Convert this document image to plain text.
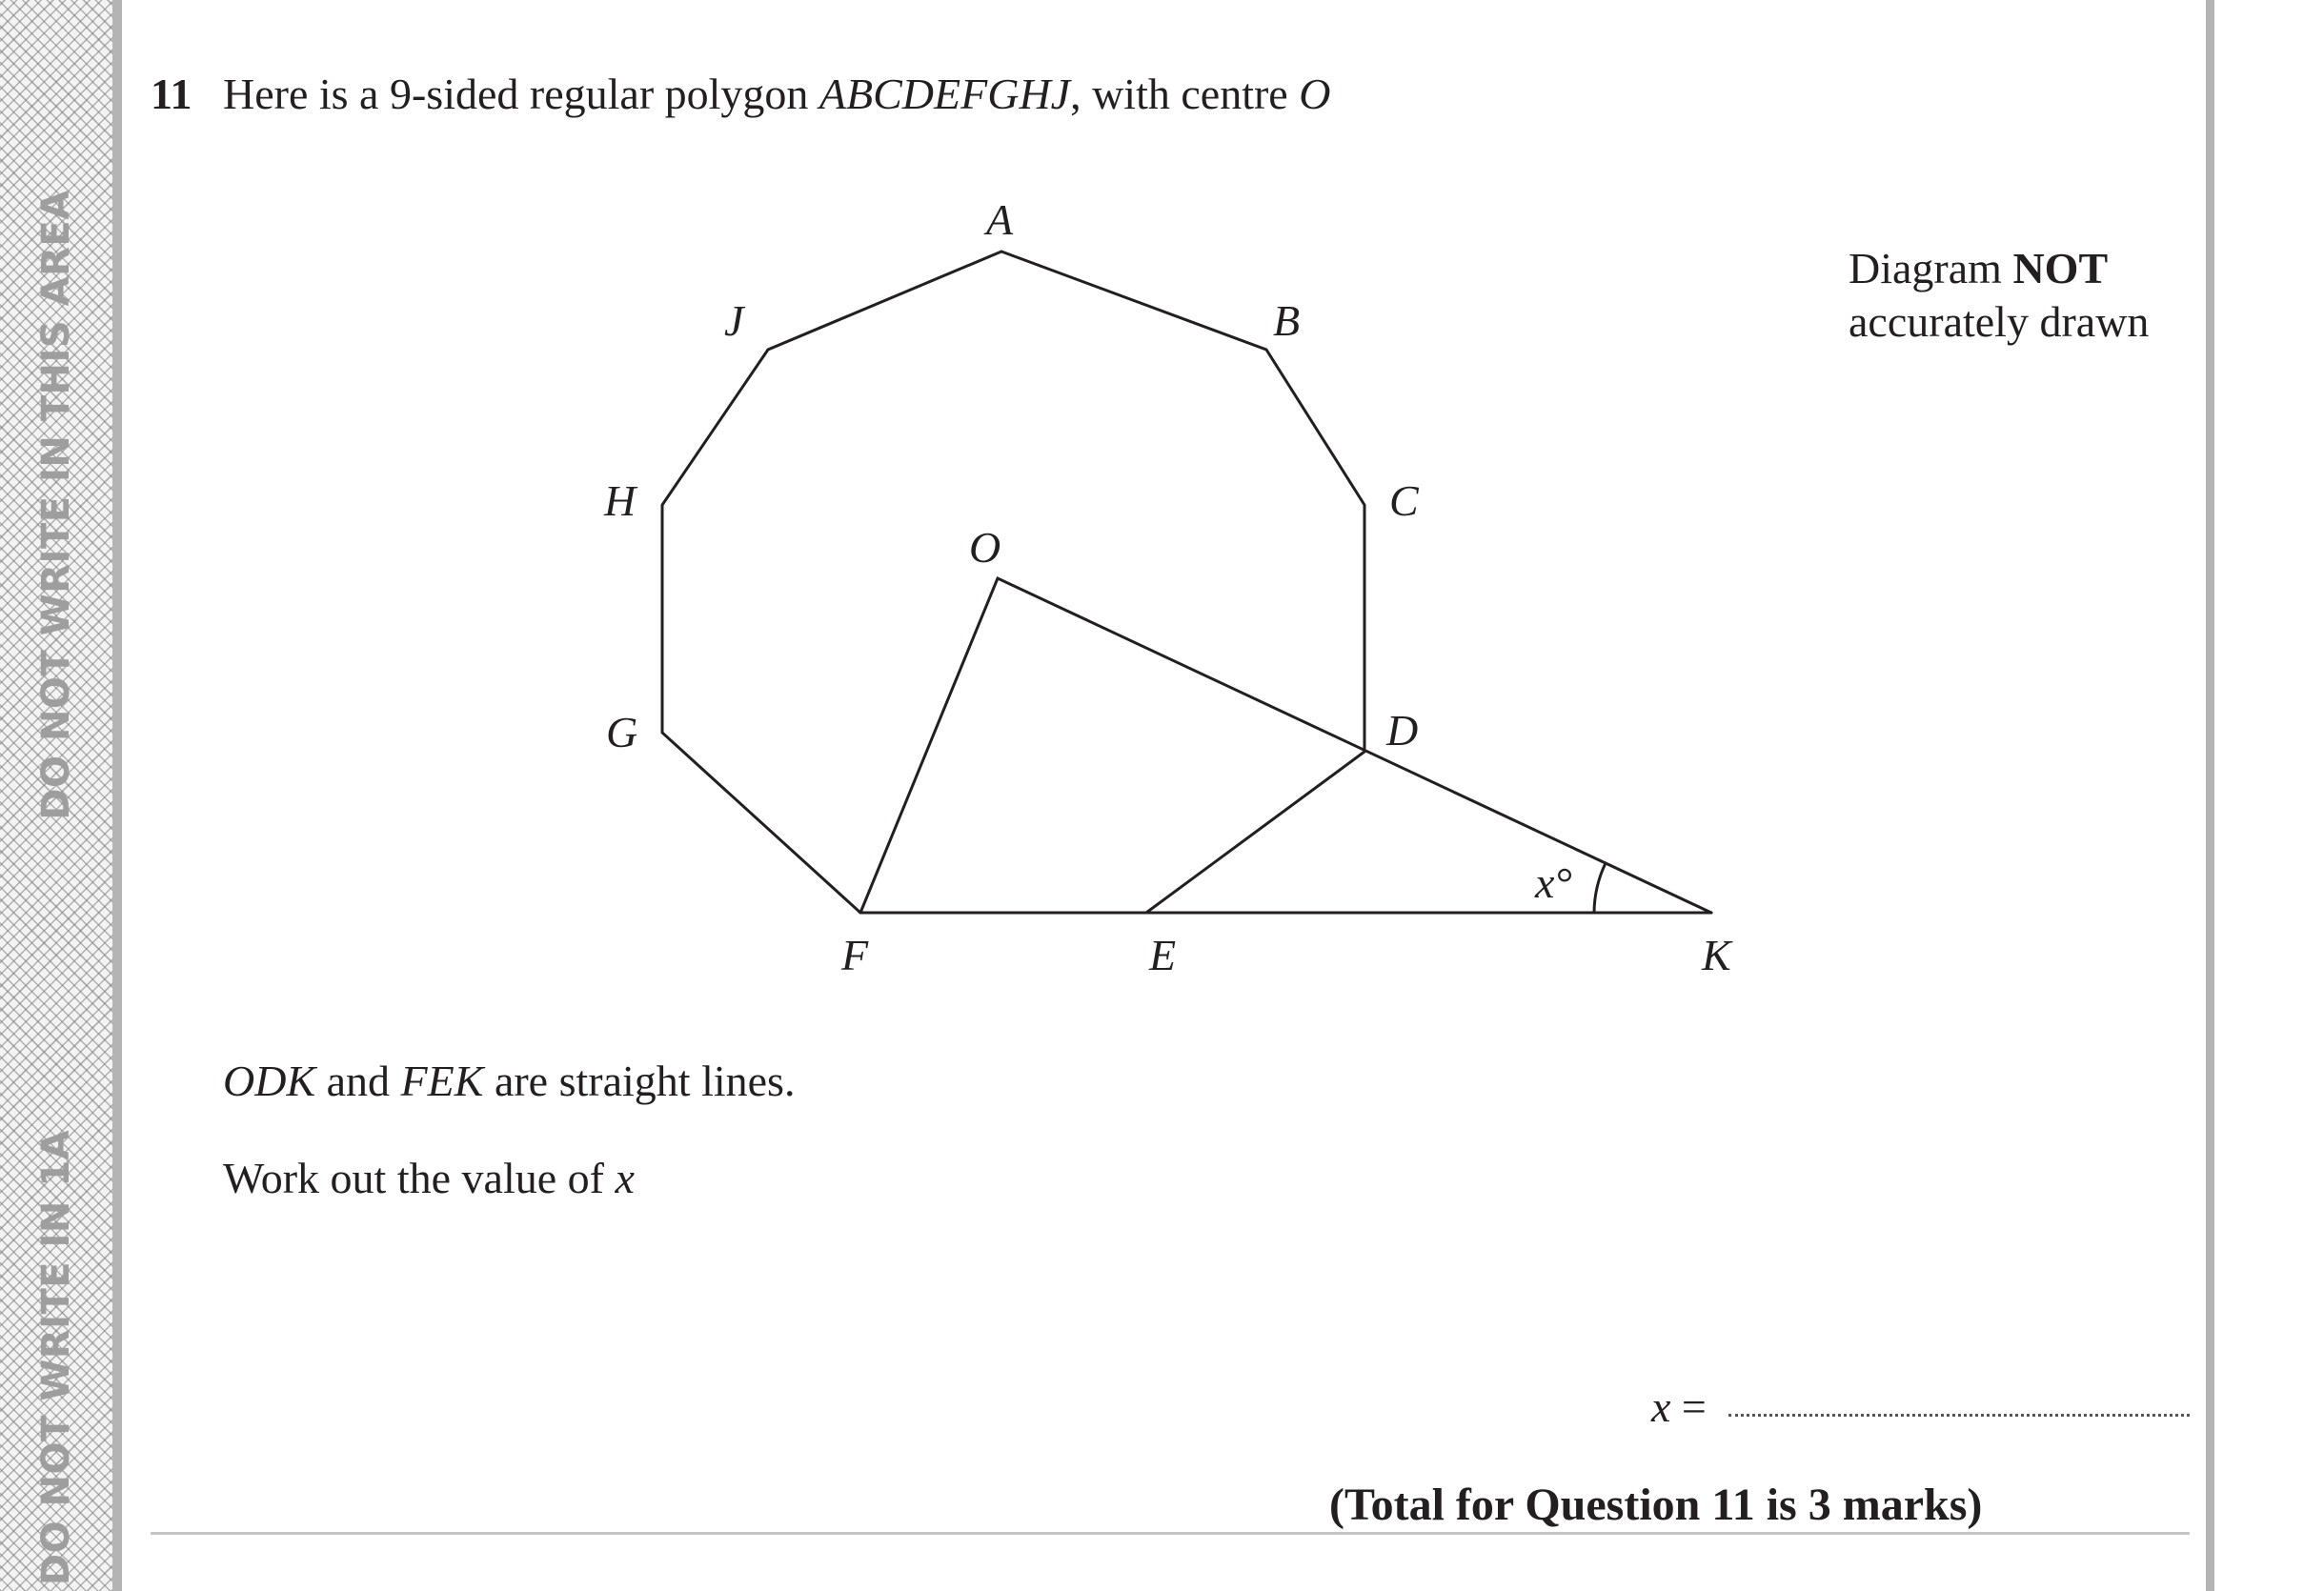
DO NOT WRITE IN THIS AREA
DO NOT WRITE IN 1A
11 Here is a 9-sided regular polygon ABCDEFGHJ, with centre O
Diagram NOT
accurately drawn
A
B
C
D
E
F
G
H
J
O
K
x°
ODK and FEK are straight lines.
Work out the value of x
x =
(Total for Question 11 is 3 marks)
